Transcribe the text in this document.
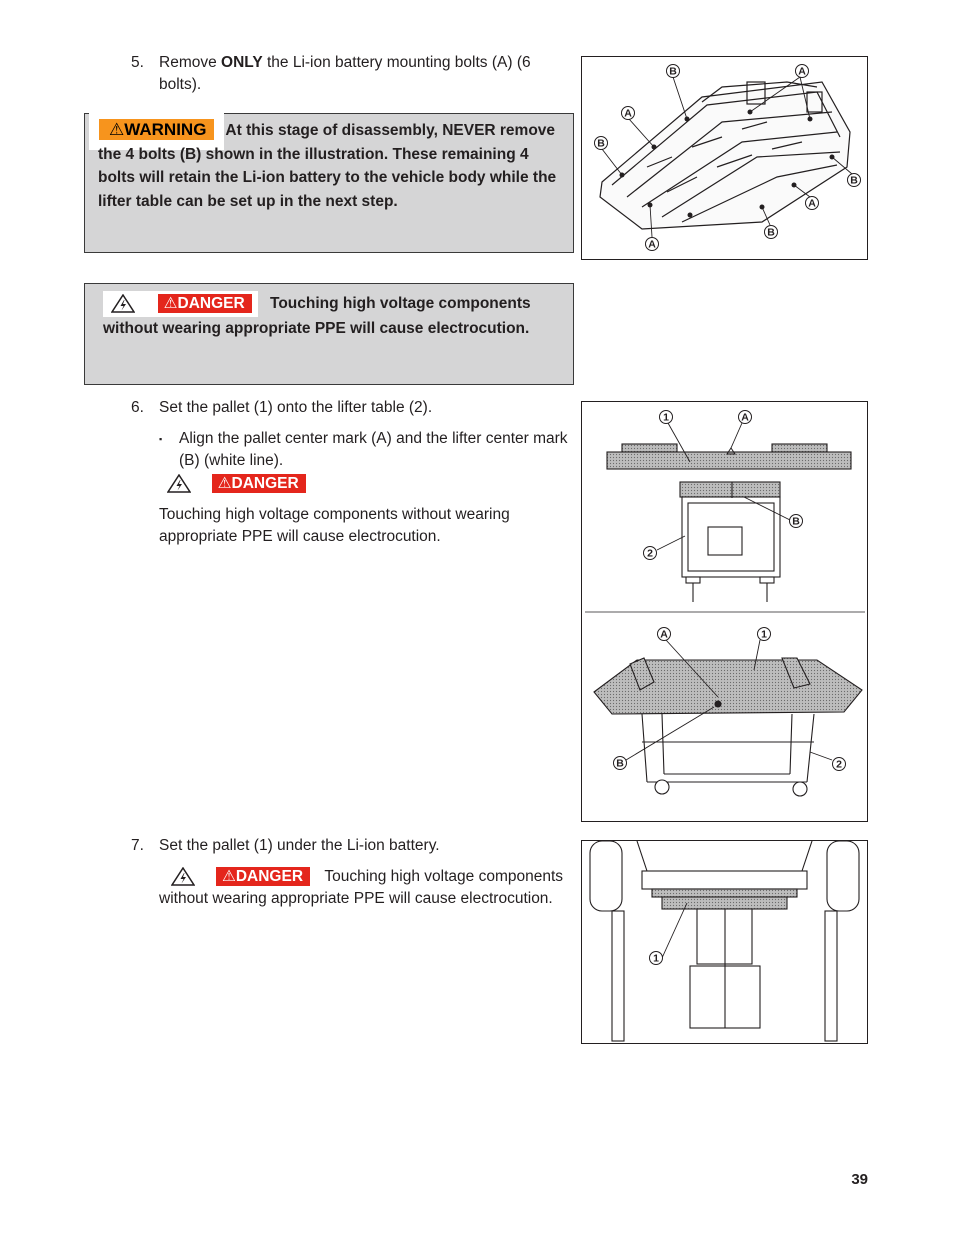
5. Remove ONLY the Li-ion battery mounting bolts (A) (6 bolts).
⚠WARNING At this stage of disassembly, NEVER remove the 4 bolts (B) shown in the illustration. These remaining 4 bolts will retain the Li-ion battery to the vehicle body while the lifter table can be set up in the next step.
⚠DANGER Touching high voltage components without wearing appropriate PPE will cause electrocution.
6. Set the pallet (1) onto the lifter table (2).
▪ Align the pallet center mark (A) and the lifter center mark (B) (white line).
⚠DANGER
Touching high voltage components without wearing appropriate PPE will cause electrocution.
7. Set the pallet (1) under the Li-ion battery.
⚠DANGER Touching high voltage components without wearing appropriate PPE will cause electrocution.
B	A
A
B
B
A
B
A
1	A
B
2
A	1
B	2
1
39
